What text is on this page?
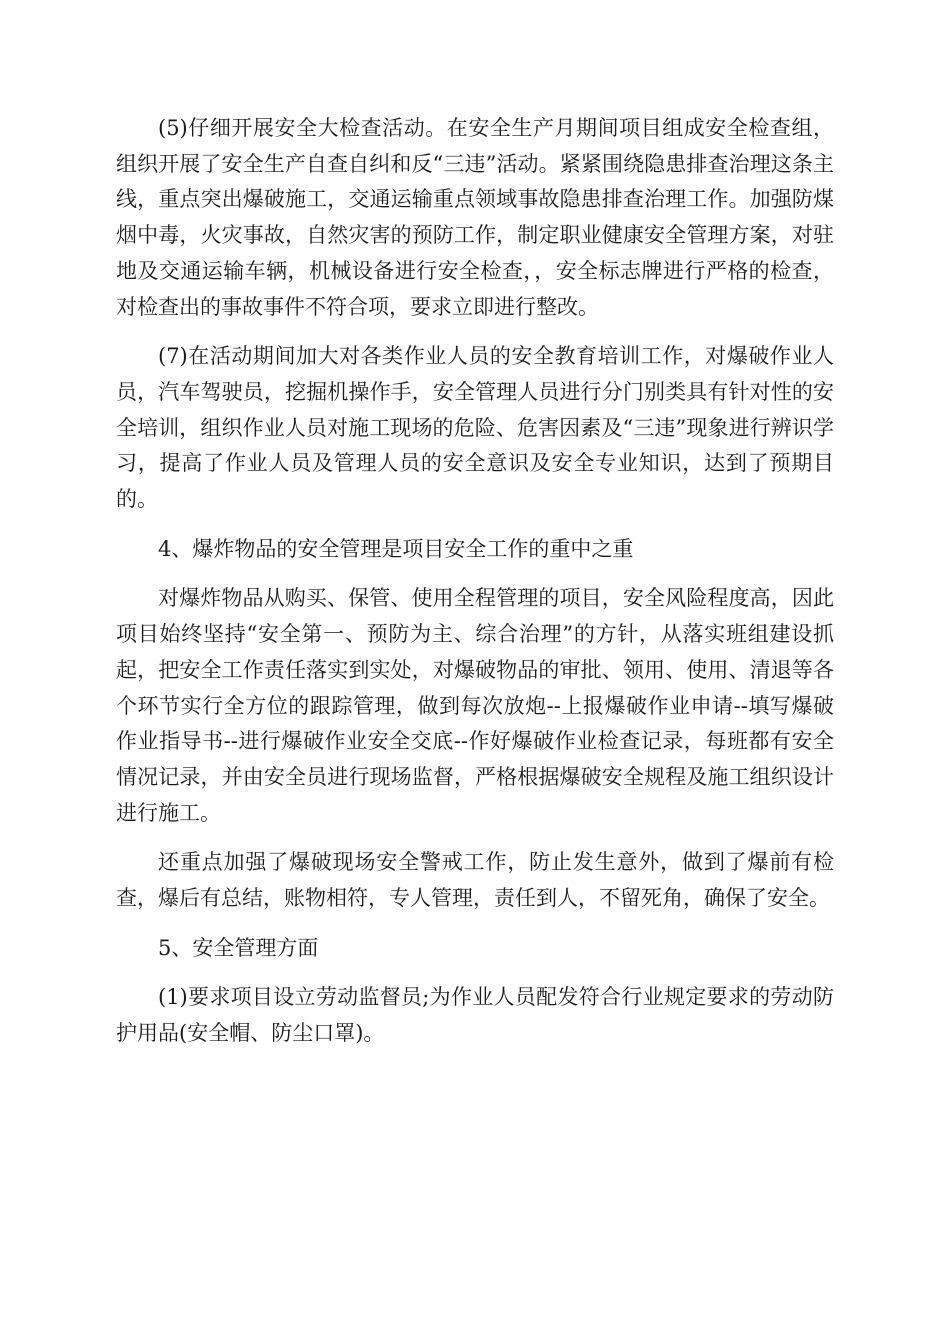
(5)仔细开展安全大检查活动。在安全生产月期间项目组成安全检查组，组织开展了安全生产自查自纠和反“三违”活动。紧紧围绕隐患排查治理这条主线，重点突出爆破施工，交通运输重点领域事故隐患排查治理工作。加强防煤烟中毒，火灾事故，自然灾害的预防工作，制定职业健康安全管理方案，对驻地及交通运输车辆，机械设备进行安全检查，，安全标志牌进行严格的检查，对检查出的事故事件不符合项，要求立即进行整改。

(7)在活动期间加大对各类作业人员的安全教育培训工作，对爆破作业人员，汽车驾驶员，挖掘机操作手，安全管理人员进行分门别类具有针对性的安全培训，组织作业人员对施工现场的危险、危害因素及“三违”现象进行辨识学习，提高了作业人员及管理人员的安全意识及安全专业知识，达到了预期目的。

4、爆炸物品的安全管理是项目安全工作的重中之重

对爆炸物品从购买、保管、使用全程管理的项目，安全风险程度高，因此项目始终坚持“安全第一、预防为主、综合治理”的方针，从落实班组建设抓起，把安全工作责任落实到实处，对爆破物品的审批、领用、使用、清退等各个环节实行全方位的跟踪管理，做到每次放炮--上报爆破作业申请--填写爆破作业指导书--进行爆破作业安全交底--作好爆破作业检查记录，每班都有安全情况记录，并由安全员进行现场监督，严格根据爆破安全规程及施工组织设计进行施工。

还重点加强了爆破现场安全警戒工作，防止发生意外，做到了爆前有检查，爆后有总结，账物相符，专人管理，责任到人，不留死角，确保了安全。

5、安全管理方面

(1)要求项目设立劳动监督员;为作业人员配发符合行业规定要求的劳动防护用品(安全帽、防尘口罩)。
